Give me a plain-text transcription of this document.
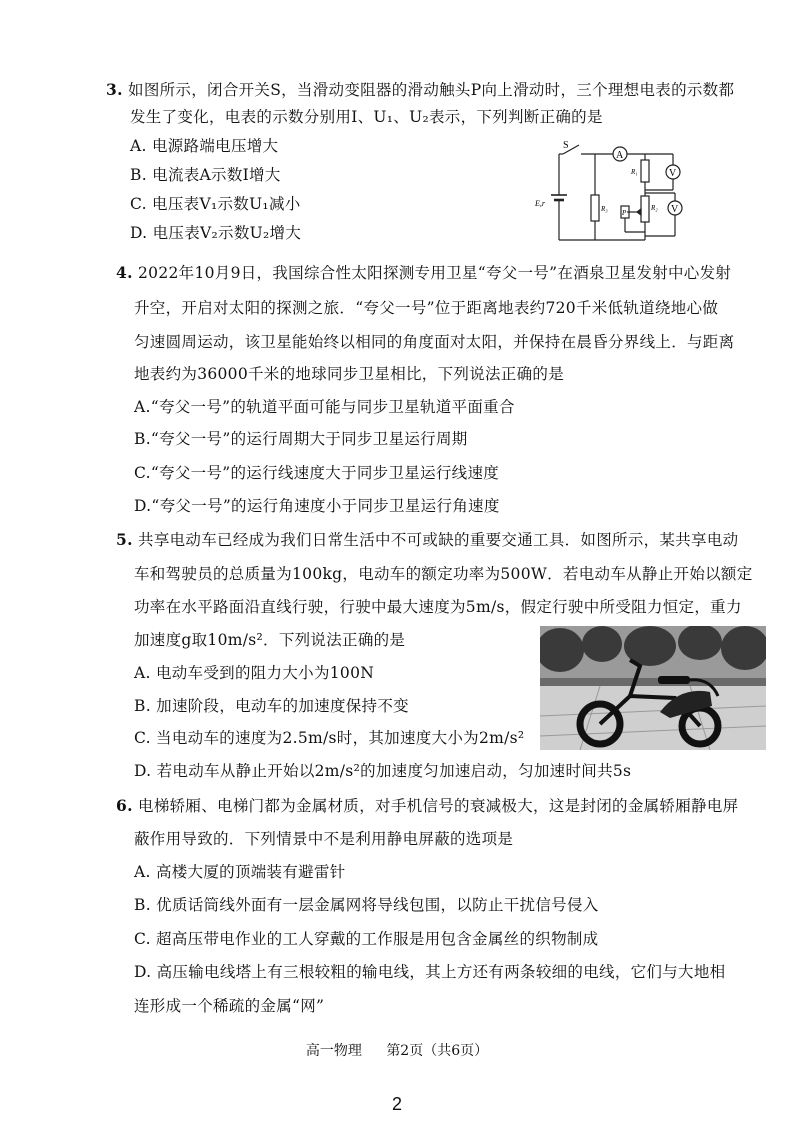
3. 如图所示，闭合开关S，当滑动变阻器的滑动触头P向上滑动时，三个理想电表的示数都
发生了变化，电表的示数分别用I、U₁、U₂表示，下列判断正确的是
A. 电源路端电压增大
B. 电流表A示数I增大
C. 电压表V₁示数U₁减小
D. 电压表V₂示数U₂增大
A
V
V
S
E,r
R₃
R₁
R₂
P
4. 2022年10月9日，我国综合性太阳探测专用卫星“夸父一号”在酒泉卫星发射中心发射
升空，开启对太阳的探测之旅．“夸父一号”位于距离地表约720千米低轨道绕地心做
匀速圆周运动，该卫星能始终以相同的角度面对太阳，并保持在晨昏分界线上．与距离
地表约为36000千米的地球同步卫星相比，下列说法正确的是
A.“夸父一号”的轨道平面可能与同步卫星轨道平面重合
B.“夸父一号”的运行周期大于同步卫星运行周期
C.“夸父一号”的运行线速度大于同步卫星运行线速度
D.“夸父一号”的运行角速度小于同步卫星运行角速度
5. 共享电动车已经成为我们日常生活中不可或缺的重要交通工具．如图所示，某共享电动
车和驾驶员的总质量为100kg，电动车的额定功率为500W．若电动车从静止开始以额定
功率在水平路面沿直线行驶，行驶中最大速度为5m/s，假定行驶中所受阻力恒定，重力
加速度g取10m/s²．下列说法正确的是
A. 电动车受到的阻力大小为100N
B. 加速阶段，电动车的加速度保持不变
C. 当电动车的速度为2.5m/s时，其加速度大小为2m/s²
D. 若电动车从静止开始以2m/s²的加速度匀加速启动，匀加速时间共5s
6. 电梯轿厢、电梯门都为金属材质，对手机信号的衰减极大，这是封闭的金属轿厢静电屏
蔽作用导致的．下列情景中不是利用静电屏蔽的选项是
A. 高楼大厦的顶端装有避雷针
B. 优质话筒线外面有一层金属网将导线包围，以防止干扰信号侵入
C. 超高压带电作业的工人穿戴的工作服是用包含金属丝的织物制成
D. 高压输电线塔上有三根较粗的输电线，其上方还有两条较细的电线，它们与大地相
连形成一个稀疏的金属“网”
高一物理 第2页（共6页）
2
